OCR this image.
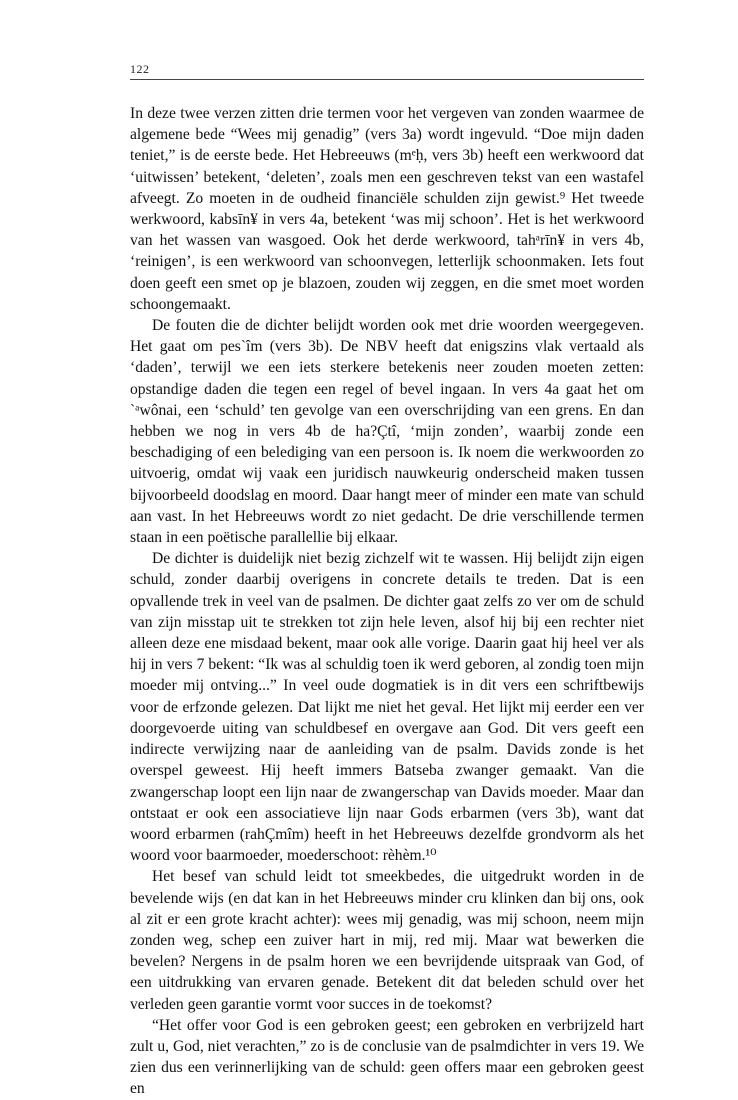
122

In deze twee verzen zitten drie termen voor het vergeven van zonden waarmee de algemene bede “Wees mij genadig” (vers 3a) wordt ingevuld. “Doe mijn daden teniet,” is de eerste bede. Het Hebreeuws (mᵉḥ, vers 3b) heeft een werkwoord dat ‘uitwissen’ betekent, ‘deleten’, zoals men een geschreven tekst van een wastafel afveegt. Zo moeten in de oudheid financiële schulden zijn gewist.⁹ Het tweede werkwoord, kabsīn¥ in vers 4a, betekent ‘was mij schoon’. Het is het werkwoord van het wassen van wasgoed. Ook het derde werkwoord, tahᵃrīn¥ in vers 4b, ‘reinigen’, is een werkwoord van schoonvegen, letterlijk schoonmaken. Iets fout doen geeft een smet op je blazoen, zouden wij zeggen, en die smet moet worden schoongemaakt.

De fouten die de dichter belijdt worden ook met drie woorden weergegeven. Het gaat om pes`îm (vers 3b). De NBV heeft dat enigszins vlak vertaald als ‘daden’, terwijl we een iets sterkere betekenis neer zouden moeten zetten: opstandige daden die tegen een regel of bevel ingaan. In vers 4a gaat het om `ᵃwônai, een ‘schuld’ ten gevolge van een overschrijding van een grens. En dan hebben we nog in vers 4b de ha?Çtî, ‘mijn zonden’, waarbij zonde een beschadiging of een belediging van een persoon is. Ik noem die werkwoorden zo uitvoerig, omdat wij vaak een juridisch nauwkeurig onderscheid maken tussen bijvoorbeeld doodslag en moord. Daar hangt meer of minder een mate van schuld aan vast. In het Hebreeuws wordt zo niet gedacht. De drie verschillende termen staan in een poëtische parallellie bij elkaar.

De dichter is duidelijk niet bezig zichzelf wit te wassen. Hij belijdt zijn eigen schuld, zonder daarbij overigens in concrete details te treden. Dat is een opvallende trek in veel van de psalmen. De dichter gaat zelfs zo ver om de schuld van zijn misstap uit te strekken tot zijn hele leven, alsof hij bij een rechter niet alleen deze ene misdaad bekent, maar ook alle vorige. Daarin gaat hij heel ver als hij in vers 7 bekent: “Ik was al schuldig toen ik werd geboren, al zondig toen mijn moeder mij ontving...” In veel oude dogmatiek is in dit vers een schriftbewijs voor de erfzonde gelezen. Dat lijkt me niet het geval. Het lijkt mij eerder een ver doorgevoerde uiting van schuldbesef en overgave aan God. Dit vers geeft een indirecte verwijzing naar de aanleiding van de psalm. Davids zonde is het overspel geweest. Hij heeft immers Batseba zwanger gemaakt. Van die zwangerschap loopt een lijn naar de zwangerschap van Davids moeder. Maar dan ontstaat er ook een associatieve lijn naar Gods erbarmen (vers 3b), want dat woord erbarmen (rahÇmîm) heeft in het Hebreeuws dezelfde grondvorm als het woord voor baarmoeder, moederschoot: rèhèm.¹⁰

Het besef van schuld leidt tot smeekbedes, die uitgedrukt worden in de bevelende wijs (en dat kan in het Hebreeuws minder cru klinken dan bij ons, ook al zit er een grote kracht achter): wees mij genadig, was mij schoon, neem mijn zonden weg, schep een zuiver hart in mij, red mij. Maar wat bewerken die bevelen? Nergens in de psalm horen we een bevrijdende uitspraak van God, of een uitdrukking van ervaren genade. Betekent dit dat beleden schuld over het verleden geen garantie vormt voor succes in de toekomst?

“Het offer voor God is een gebroken geest; een gebroken en verbrijzeld hart zult u, God, niet verachten,” zo is de conclusie van de psalmdichter in vers 19. We zien dus een verinnerlijking van de schuld: geen offers maar een gebroken geest en
